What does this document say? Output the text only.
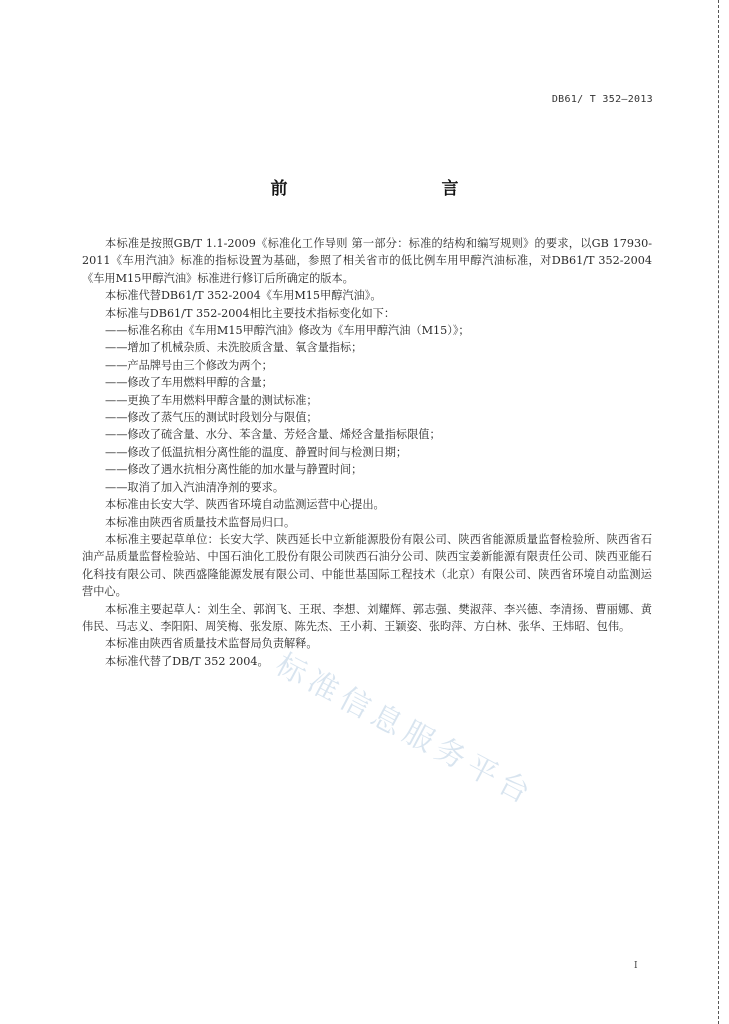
DB61/ T 352—2013
前　　言

本标准是按照GB/T 1.1-2009《标准化工作导则 第一部分：标准的结构和编写规则》的要求，以GB 17930-2011《车用汽油》标准的指标设置为基础，参照了相关省市的低比例车用甲醇汽油标准，对DB61/T 352-2004《车用M15甲醇汽油》标准进行修订后所确定的版本。

本标准代替DB61/T 352-2004《车用M15甲醇汽油》。

本标准与DB61/T 352-2004相比主要技术指标变化如下：

——标准名称由《车用M15甲醇汽油》修改为《车用甲醇汽油（M15）》；

——增加了机械杂质、未洗胶质含量、氧含量指标；

——产品牌号由三个修改为两个；

——修改了车用燃料甲醇的含量；

——更换了车用燃料甲醇含量的测试标准；

——修改了蒸气压的测试时段划分与限值；

——修改了硫含量、水分、苯含量、芳烃含量、烯烃含量指标限值；

——修改了低温抗相分离性能的温度、静置时间与检测日期；

——修改了遇水抗相分离性能的加水量与静置时间；

——取消了加入汽油清净剂的要求。

本标准由长安大学、陕西省环境自动监测运营中心提出。

本标准由陕西省质量技术监督局归口。

本标准主要起草单位：长安大学、陕西延长中立新能源股份有限公司、陕西省能源质量监督检验所、陕西省石油产品质量监督检验站、中国石油化工股份有限公司陕西石油分公司、陕西宝姜新能源有限责任公司、陕西亚能石化科技有限公司、陕西盛隆能源发展有限公司、中能世基国际工程技术（北京）有限公司、陕西省环境自动监测运营中心。

本标准主要起草人：刘生全、郭润飞、王珉、李想、刘耀辉、郭志强、樊淑萍、李兴德、李清扬、曹丽娜、黄伟民、马志义、李阳阳、周笑梅、张发原、陈先杰、王小莉、王颖姿、张昀萍、方白林、张华、王炜昭、包伟。

本标准由陕西省质量技术监督局负责解释。

本标准代替了DB/T 352 2004。 标准信息服务平台
I
